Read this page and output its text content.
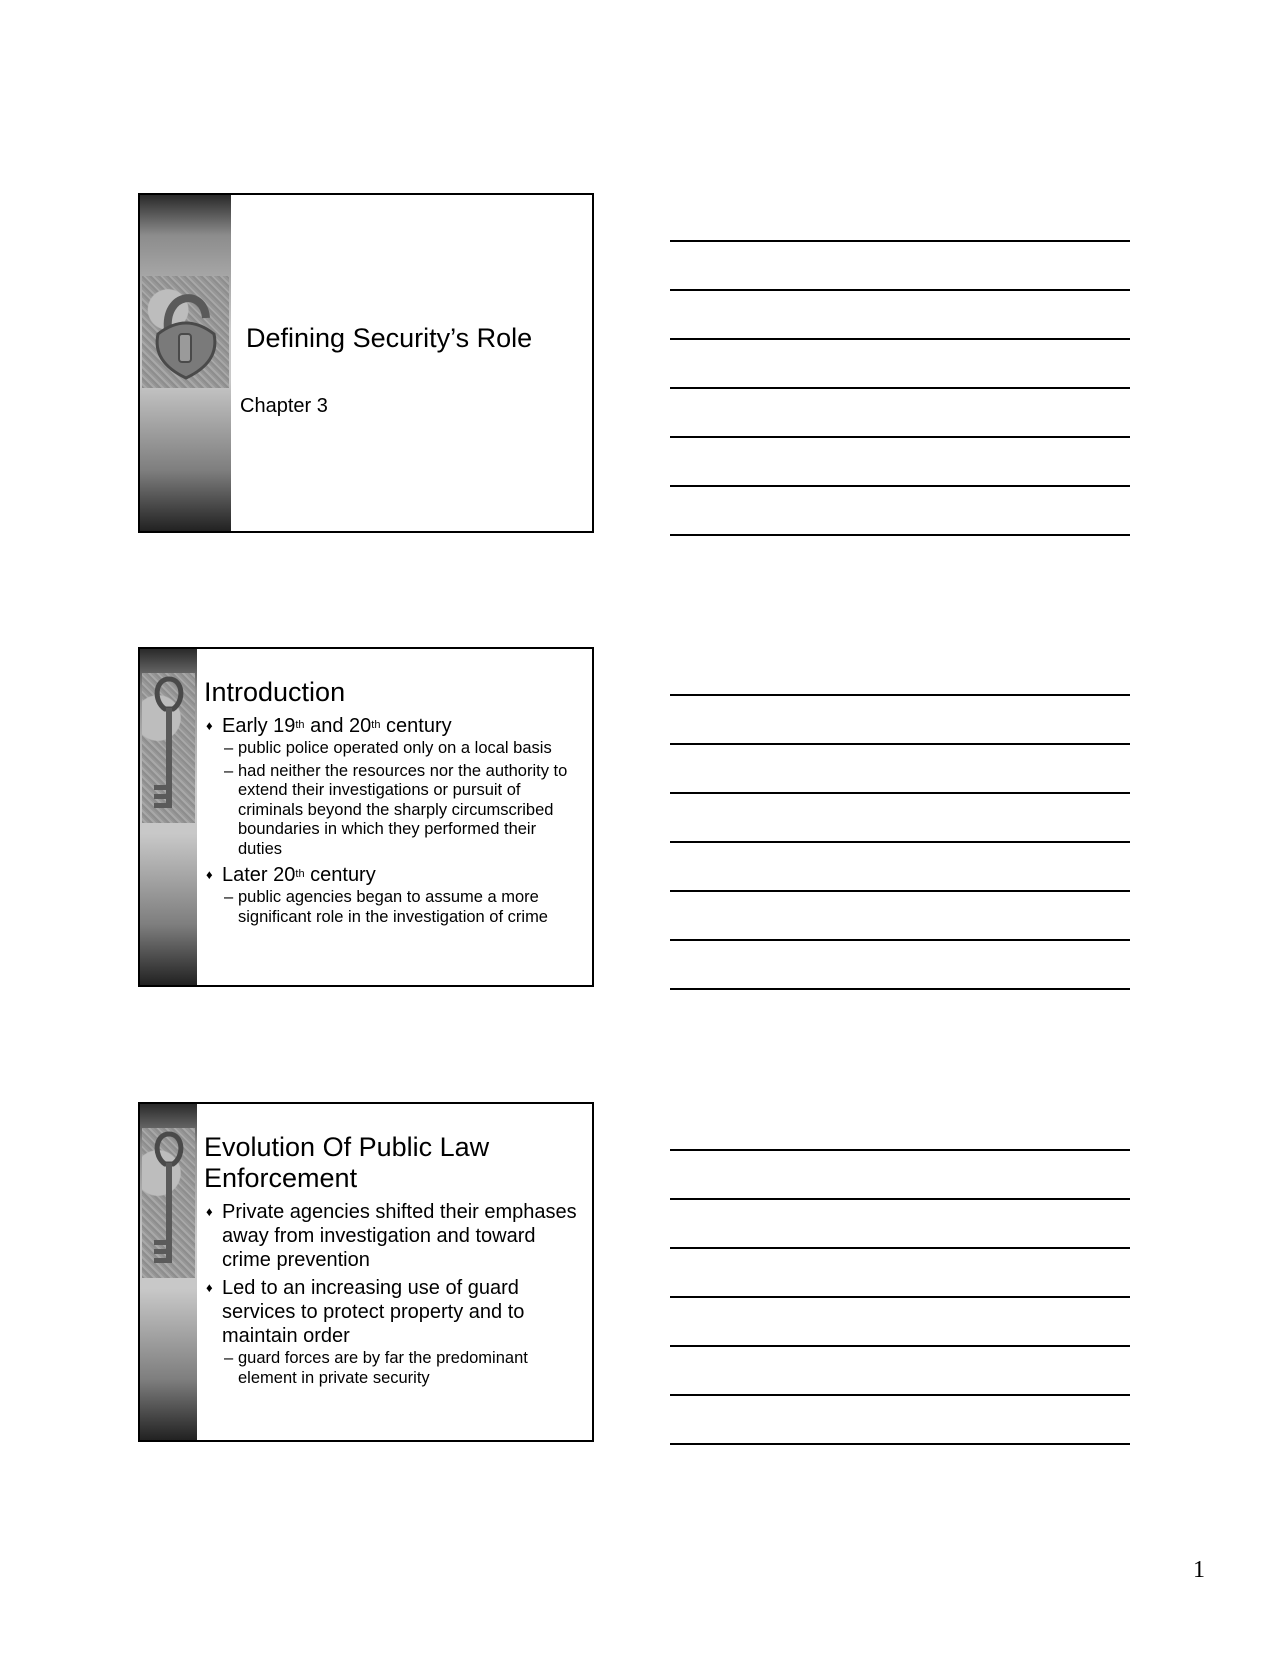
Defining Security’s Role
Chapter 3
Introduction
♦ Early 19th and 20th century
– public police operated only on a local basis
– had neither the resources nor the authority to extend their investigations or pursuit of criminals beyond the sharply circumscribed boundaries in which they performed their duties
♦ Later 20th century
– public agencies began to assume a more significant role in the investigation of crime
Evolution Of Public Law Enforcement
♦ Private agencies shifted their emphases away from investigation and toward crime prevention
♦ Led to an increasing use of guard services to protect property and to maintain order
– guard forces are by far the predominant element in private security
1
